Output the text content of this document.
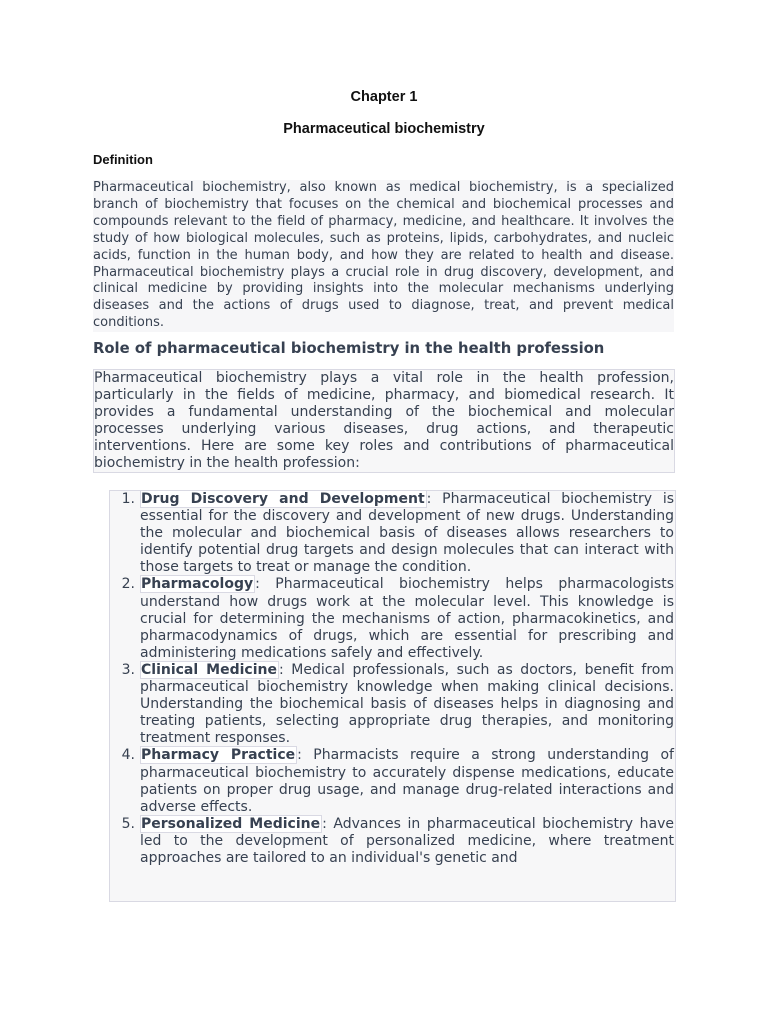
Chapter 1
Pharmaceutical biochemistry
Definition

Pharmaceutical biochemistry, also known as medical biochemistry, is a specialized branch of biochemistry that focuses on the chemical and biochemical processes and compounds relevant to the field of pharmacy, medicine, and healthcare. It involves the study of how biological molecules, such as proteins, lipids, carbohydrates, and nucleic acids, function in the human body, and how they are related to health and disease. Pharmaceutical biochemistry plays a crucial role in drug discovery, development, and clinical medicine by providing insights into the molecular mechanisms underlying diseases and the actions of drugs used to diagnose, treat, and prevent medical conditions.

Role of pharmaceutical biochemistry in the health profession

Pharmaceutical biochemistry plays a vital role in the health profession, particularly in the fields of medicine, pharmacy, and biomedical research. It provides a fundamental understanding of the biochemical and molecular processes underlying various diseases, drug actions, and therapeutic interventions. Here are some key roles and contributions of pharmaceutical biochemistry in the health profession:

1. Drug Discovery and Development : Pharmaceutical biochemistry is essential for the discovery and development of new drugs. Understanding the molecular and biochemical basis of diseases allows researchers to identify potential drug targets and design molecules that can interact with those targets to treat or manage the condition.
2. Pharmacology : Pharmaceutical biochemistry helps pharmacologists understand how drugs work at the molecular level. This knowledge is crucial for determining the mechanisms of action, pharmacokinetics, and pharmacodynamics of drugs, which are essential for prescribing and administering medications safely and effectively.
3. Clinical Medicine : Medical professionals, such as doctors, benefit from pharmaceutical biochemistry knowledge when making clinical decisions. Understanding the biochemical basis of diseases helps in diagnosing and treating patients, selecting appropriate drug therapies, and monitoring treatment responses.
4. Pharmacy Practice : Pharmacists require a strong understanding of pharmaceutical biochemistry to accurately dispense medications, educate patients on proper drug usage, and manage drug-related interactions and adverse effects.
5. Personalized Medicine : Advances in pharmaceutical biochemistry have led to the development of personalized medicine, where treatment approaches are tailored to an individual's genetic and
